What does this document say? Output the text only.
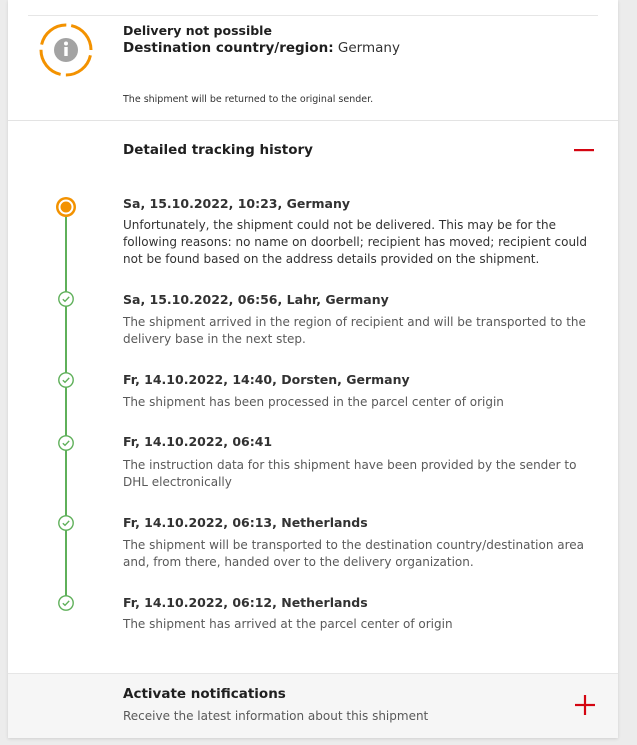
Delivery not possible
Destination country/region: Germany
The shipment will be returned to the original sender.
Detailed tracking history
Sa, 15.10.2022, 10:23, Germany
Unfortunately, the shipment could not be delivered. This may be for the following reasons: no name on doorbell; recipient has moved; recipient could not be found based on the address details provided on the shipment.
Sa, 15.10.2022, 06:56, Lahr, Germany
The shipment arrived in the region of recipient and will be transported to the delivery base in the next step.
Fr, 14.10.2022, 14:40, Dorsten, Germany
The shipment has been processed in the parcel center of origin
Fr, 14.10.2022, 06:41
The instruction data for this shipment have been provided by the sender to DHL electronically
Fr, 14.10.2022, 06:13, Netherlands
The shipment will be transported to the destination country/destination area and, from there, handed over to the delivery organization.
Fr, 14.10.2022, 06:12, Netherlands
The shipment has arrived at the parcel center of origin
Activate notifications
Receive the latest information about this shipment
